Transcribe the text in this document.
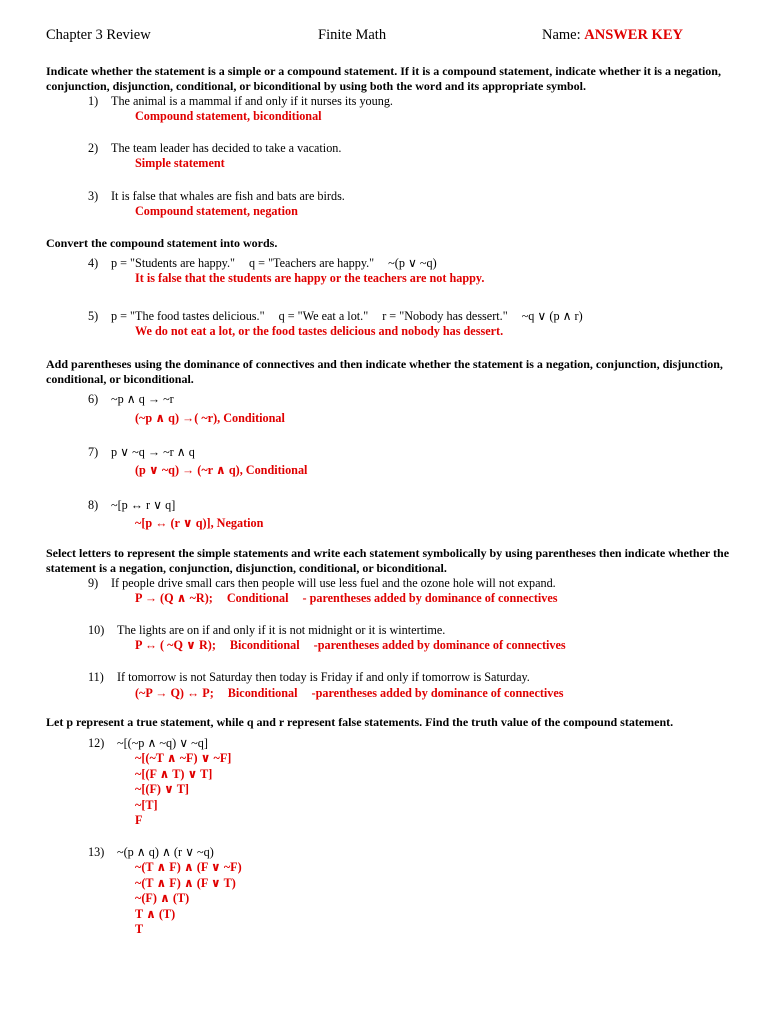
Chapter 3 Review	Finite Math	Name: ANSWER KEY
Indicate whether the statement is a simple or a compound statement. If it is a compound statement, indicate whether it is a negation, conjunction, disjunction, conditional, or biconditional by using both the word and its appropriate symbol.
1) The animal is a mammal if and only if it nurses its young.
Compound statement, biconditional
2) The team leader has decided to take a vacation.
Simple statement
3) It is false that whales are fish and bats are birds.
Compound statement, negation
Convert the compound statement into words.
4) p = "Students are happy." q = "Teachers are happy." ~(p ∨ ~q)
It is false that the students are happy or the teachers are not happy.
5) p = "The food tastes delicious." q = "We eat a lot." r = "Nobody has dessert." ~q ∨ (p ∧ r)
We do not eat a lot, or the food tastes delicious and nobody has dessert.
Add parentheses using the dominance of connectives and then indicate whether the statement is a negation, conjunction, disjunction, conditional, or biconditional.
6) ~p ∧ q → ~r
(~p ∧ q) →( ~r), Conditional
7) p ∨ ~q → ~r ∧ q
(p ∨ ~q) → (~r ∧ q), Conditional
8) ~[p ↔ r ∨ q]
~[p ↔ (r ∨ q)], Negation
Select letters to represent the simple statements and write each statement symbolically by using parentheses then indicate whether the statement is a negation, conjunction, disjunction, conditional, or biconditional.
9) If people drive small cars then people will use less fuel and the ozone hole will not expand.
P → (Q ∧ ~R); Conditional - parentheses added by dominance of connectives
10) The lights are on if and only if it is not midnight or it is wintertime.
P ↔ ( ~Q ∨ R); Biconditional -parentheses added by dominance of connectives
11) If tomorrow is not Saturday then today is Friday if and only if tomorrow is Saturday.
(~P → Q) ↔ P; Biconditional -parentheses added by dominance of connectives
Let p represent a true statement, while q and r represent false statements. Find the truth value of the compound statement.
12) ~[(~p ∧ ~q) ∨ ~q]
~[(~T ∧ ~F) ∨ ~F]
~[(F ∧ T) ∨ T]
~[(F) ∨ T]
~[T]
F
13) ~(p ∧ q) ∧ (r ∨ ~q)
~(T ∧ F) ∧ (F ∨ ~F)
~(T ∧ F) ∧ (F ∨ T)
~(F) ∧ (T)
T ∧ (T)
T
